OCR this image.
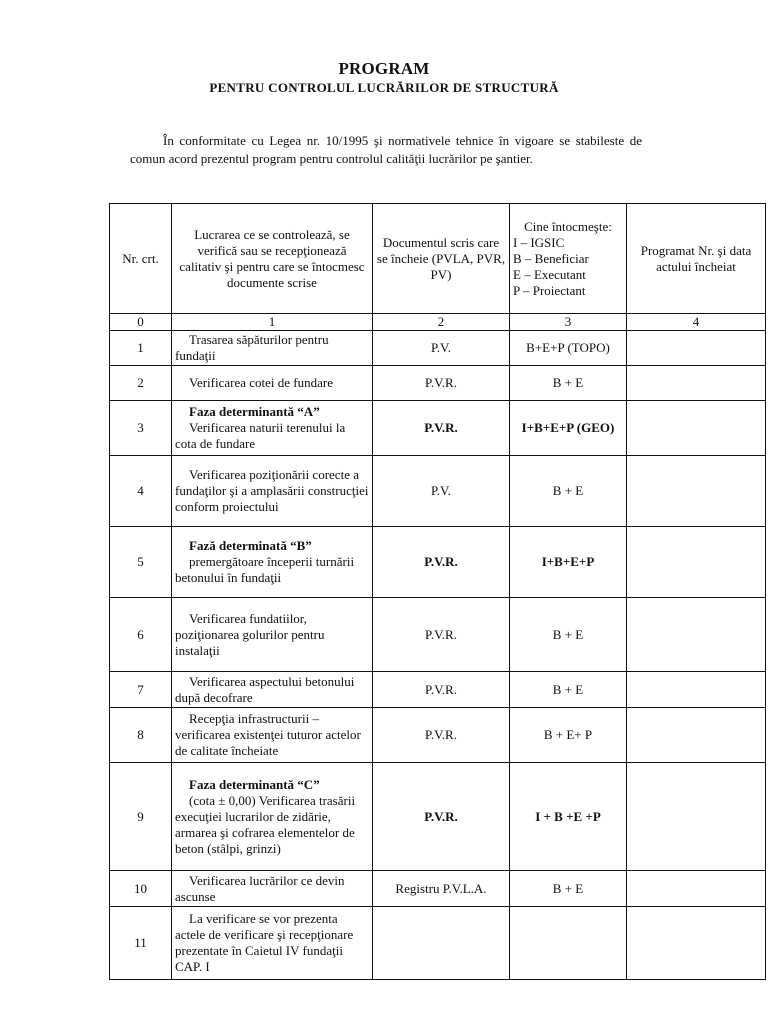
PROGRAM
PENTRU CONTROLUL LUCRĂRILOR DE STRUCTURĂ
În conformitate cu Legea nr. 10/1995 şi normativele tehnice în vigoare se stabileste de comun acord prezentul program pentru controlul calităţii lucrărilor pe şantier.
Nr. crt.	Lucrarea ce se controlează, se verifică sau se recepţionează calitativ şi pentru care se întocmesc documente scrise	Documentul scris care se încheie (PVLA, PVR, PV)	Cine întocmeşte:
I – IGSIC
B – Beneficiar
E – Executant
P – Proiectant	Programat Nr. şi data actului încheiat
0	1	2	3	4
1	Trasarea săpăturilor pentru fundaţii	P.V.	B+E+P (TOPO)	
2	Verificarea cotei de fundare	P.V.R.	B + E	
3	Faza determinantă “A”
Verificarea naturii terenului la cota de fundare	P.V.R.	I+B+E+P (GEO)	
4	Verificarea poziţionării corecte a fundaţilor şi a amplasării construcţiei conform proiectului	P.V.	B + E	
5	Fază determinată “B”
premergătoare începerii turnării betonului în fundaţii	P.V.R.	I+B+E+P	
6	Verificarea fundatiilor, poziţionarea golurilor pentru instalaţii	P.V.R.	B + E	
7	Verificarea aspectului betonului după decofrare	P.V.R.	B + E	
8	Recepţia infrastructurii – verificarea existenţei tuturor actelor de calitate încheiate	P.V.R.	B + E+ P	
9	Faza determinantă “C”
(cota ± 0,00) Verificarea trasării execuţiei lucrarilor de zidărie, armarea şi cofrarea elementelor de beton (stâlpi, grinzi)	P.V.R.	I + B +E +P	
10	Verificarea lucrărilor ce devin ascunse	Registru P.V.L.A.	B + E	
11	La verificare se vor prezenta actele de verificare şi recepţionare prezentate în Caietul IV fundaţii CAP. I			
